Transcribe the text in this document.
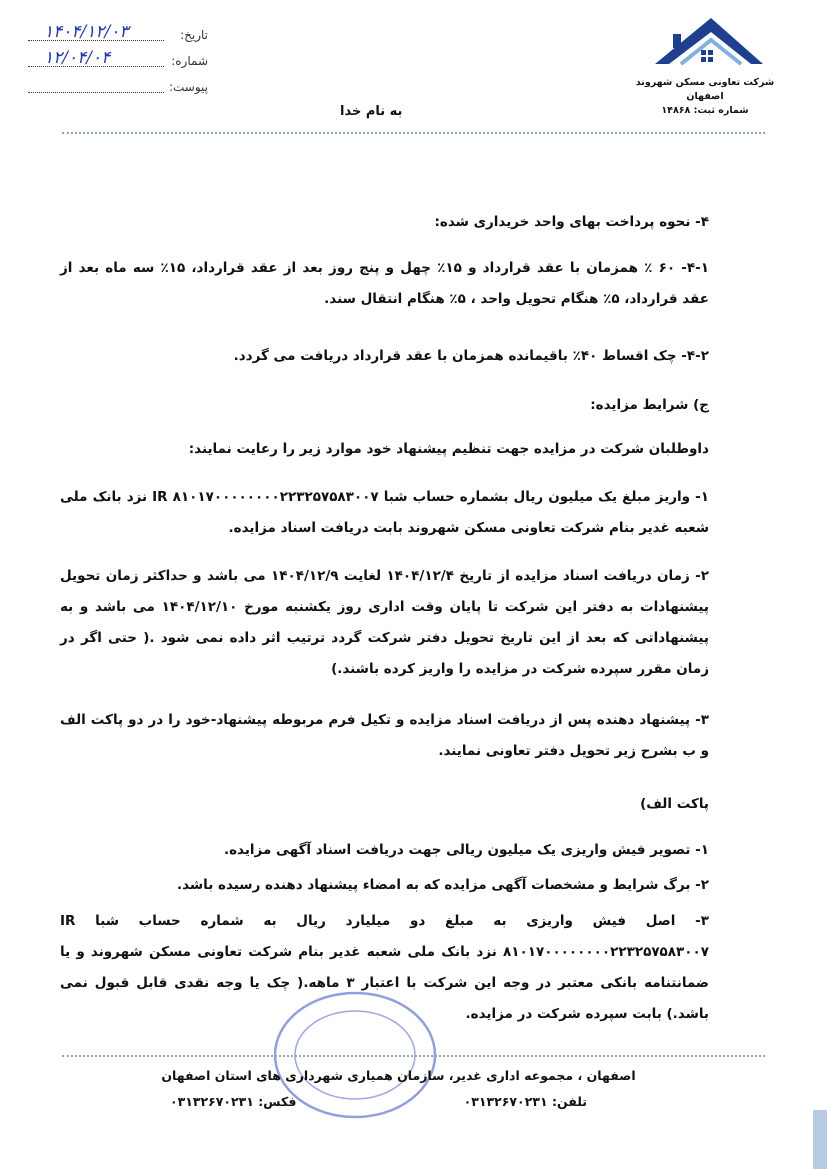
تاریخ:
۱۴۰۴/۱۲/۰۳
شماره:
۱۲/۰۴/۰۴
پیوست:	شرکت تعاونی مسکن شهروند اصفهان
شماره ثبت: ۱۴۸۶۸
به نام خدا
۴- نحوه پرداخت بهای واحد خریداری شده:
۴-۱- ۶۰ ٪ همزمان با عقد قرارداد و ۱۵٪ چهل و پنج روز بعد از عقد قرارداد، ۱۵٪ سه ماه بعد از عقد قرارداد، ۵٪ هنگام تحویل واحد ، ۵٪ هنگام انتقال سند.
۴-۲- چک اقساط ۴۰٪ باقیمانده همزمان با عقد قرارداد دریافت می گردد.
ج) شرایط مزایده:
داوطلبان شرکت در مزایده جهت تنظیم پیشنهاد خود موارد زیر را رعایت نمایند:
۱- واریز مبلغ یک میلیون ریال بشماره حساب شبا IR ۸۱۰۱۷۰۰۰۰۰۰۰۰۲۲۳۲۵۷۵۸۳۰۰۷ نزد بانک ملی شعبه غدیر بنام شرکت تعاونی مسکن شهروند بابت دریافت اسناد مزایده.
۲- زمان دریافت اسناد مزایده از تاریخ ۱۴۰۴/۱۲/۴ لغایت ۱۴۰۴/۱۲/۹ می باشد و حداکثر زمان تحویل پیشنهادات به دفتر این شرکت تا پایان وقت اداری روز یکشنبه مورخ ۱۴۰۴/۱۲/۱۰ می باشد و به پیشنهاداتی که بعد از این تاریخ تحویل دفتر شرکت گردد ترتیب اثر داده نمی شود .( حتی اگر در زمان مقرر سپرده شرکت در مزایده را واریز کرده باشند.)
۳- پیشنهاد دهنده پس از دریافت اسناد مزایده و تکیل فرم مربوطه پیشنهاد-خود را در دو پاکت الف و ب بشرح زیر تحویل دفتر تعاونی نمایند.
پاکت الف)
۱- تصویر فیش واریزی یک میلیون ریالی جهت دریافت اسناد آگهی مزایده.
۲- برگ شرایط و مشخصات آگهی مزایده که به امضاء پیشنهاد دهنده رسیده باشد.
۳- اصل فیش واریزی به مبلغ دو میلیارد ریال به شماره حساب شبا IR ۸۱۰۱۷۰۰۰۰۰۰۰۰۲۲۳۲۵۷۵۸۳۰۰۷ نزد بانک ملی شعبه غدیر بنام شرکت تعاونی مسکن شهروند و یا ضمانتنامه بانکی معتبر در وجه این شرکت با اعتبار ۳ ماهه.( چک یا وجه نقدی قابل قبول نمی باشد.) بابت سپرده شرکت در مزایده.
اصفهان ، مجموعه اداری غدیر، سازمان همیاری شهرداری های استان اصفهان
تلفن: ۰۳۱۳۲۶۷۰۲۳۱
فکس: ۰۳۱۳۲۶۷۰۲۳۱
